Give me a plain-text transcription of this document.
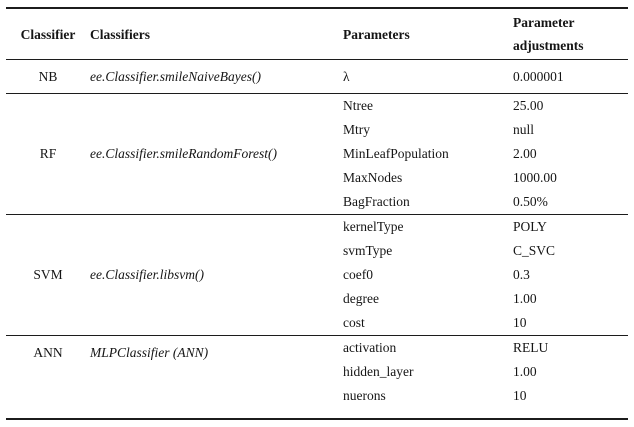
Classifier	Classifiers	Parameters	Parameter adjustments
NB	ee.Classifier.smileNaiveBayes()	λ	0.000001
RF	ee.Classifier.smileRandomForest()	Ntree	25.00
		Mtry	null
		MinLeafPopulation	2.00
		MaxNodes	1000.00
		BagFraction	0.50%
SVM	ee.Classifier.libsvm()	kernelType	POLY
		svmType	C_SVC
		coef0	0.3
		degree	1.00
		cost	10
ANN	MLPClassifier (ANN)	activation	RELU
		hidden_layer	1.00
		nuerons	10
